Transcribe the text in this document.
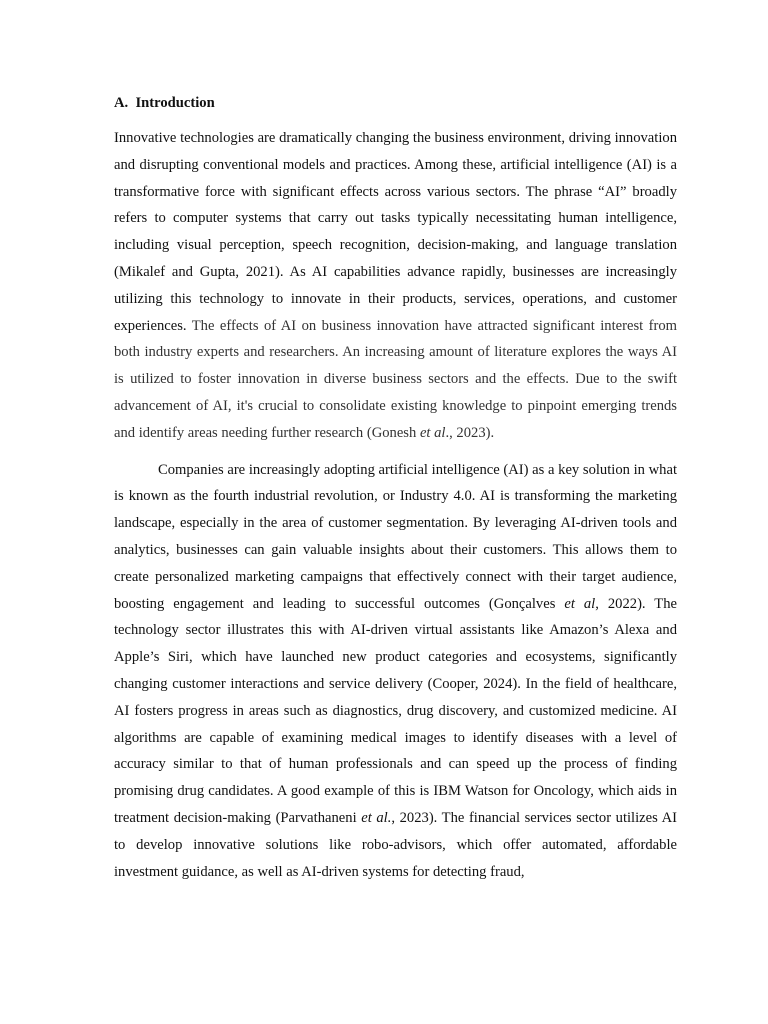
A. Introduction

Innovative technologies are dramatically changing the business environment, driving innovation and disrupting conventional models and practices. Among these, artificial intelligence (AI) is a transformative force with significant effects across various sectors. The phrase “AI” broadly refers to computer systems that carry out tasks typically necessitating human intelligence, including visual perception, speech recognition, decision-making, and language translation (Mikalef and Gupta, 2021). As AI capabilities advance rapidly, businesses are increasingly utilizing this technology to innovate in their products, services, operations, and customer experiences. The effects of AI on business innovation have attracted significant interest from both industry experts and researchers. An increasing amount of literature explores the ways AI is utilized to foster innovation in diverse business sectors and the effects. Due to the swift advancement of AI, it's crucial to consolidate existing knowledge to pinpoint emerging trends and identify areas needing further research (Gonesh et al., 2023).

Companies are increasingly adopting artificial intelligence (AI) as a key solution in what is known as the fourth industrial revolution, or Industry 4.0. AI is transforming the marketing landscape, especially in the area of customer segmentation. By leveraging AI-driven tools and analytics, businesses can gain valuable insights about their customers. This allows them to create personalized marketing campaigns that effectively connect with their target audience, boosting engagement and leading to successful outcomes (Gonçalves et al, 2022). The technology sector illustrates this with AI-driven virtual assistants like Amazon’s Alexa and Apple’s Siri, which have launched new product categories and ecosystems, significantly changing customer interactions and service delivery (Cooper, 2024). In the field of healthcare, AI fosters progress in areas such as diagnostics, drug discovery, and customized medicine. AI algorithms are capable of examining medical images to identify diseases with a level of accuracy similar to that of human professionals and can speed up the process of finding promising drug candidates. A good example of this is IBM Watson for Oncology, which aids in treatment decision-making (Parvathaneni et al., 2023). The financial services sector utilizes AI to develop innovative solutions like robo-advisors, which offer automated, affordable investment guidance, as well as AI-driven systems for detecting fraud,
